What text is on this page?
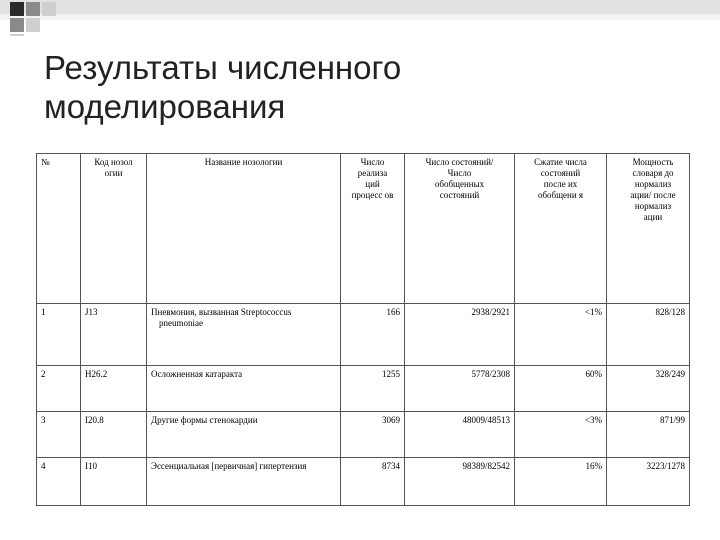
Результаты численного
моделирования
№	Код нозол огии	Название нозологии	Число реализа ций процесс ов	Число состояний/ Число обобщенных состояний	Сжатие числа состояний после их обобщени я	Мощность словаря до нормализ ации/ после нормализ ации
1	J13	Пневмония, вызванная Streptococcus pneumoniae	166	2938/2921	<1%	828/128
2	H26.2	Осложненная катаракта	1255	5778/2308	60%	328/249
3	I20.8	Другие формы стенокардии	3069	48009/48513	<3%	871/99
4	I10	Эссенциальная [первичная] гипертензия	8734	98389/82542	16%	3223/1278
